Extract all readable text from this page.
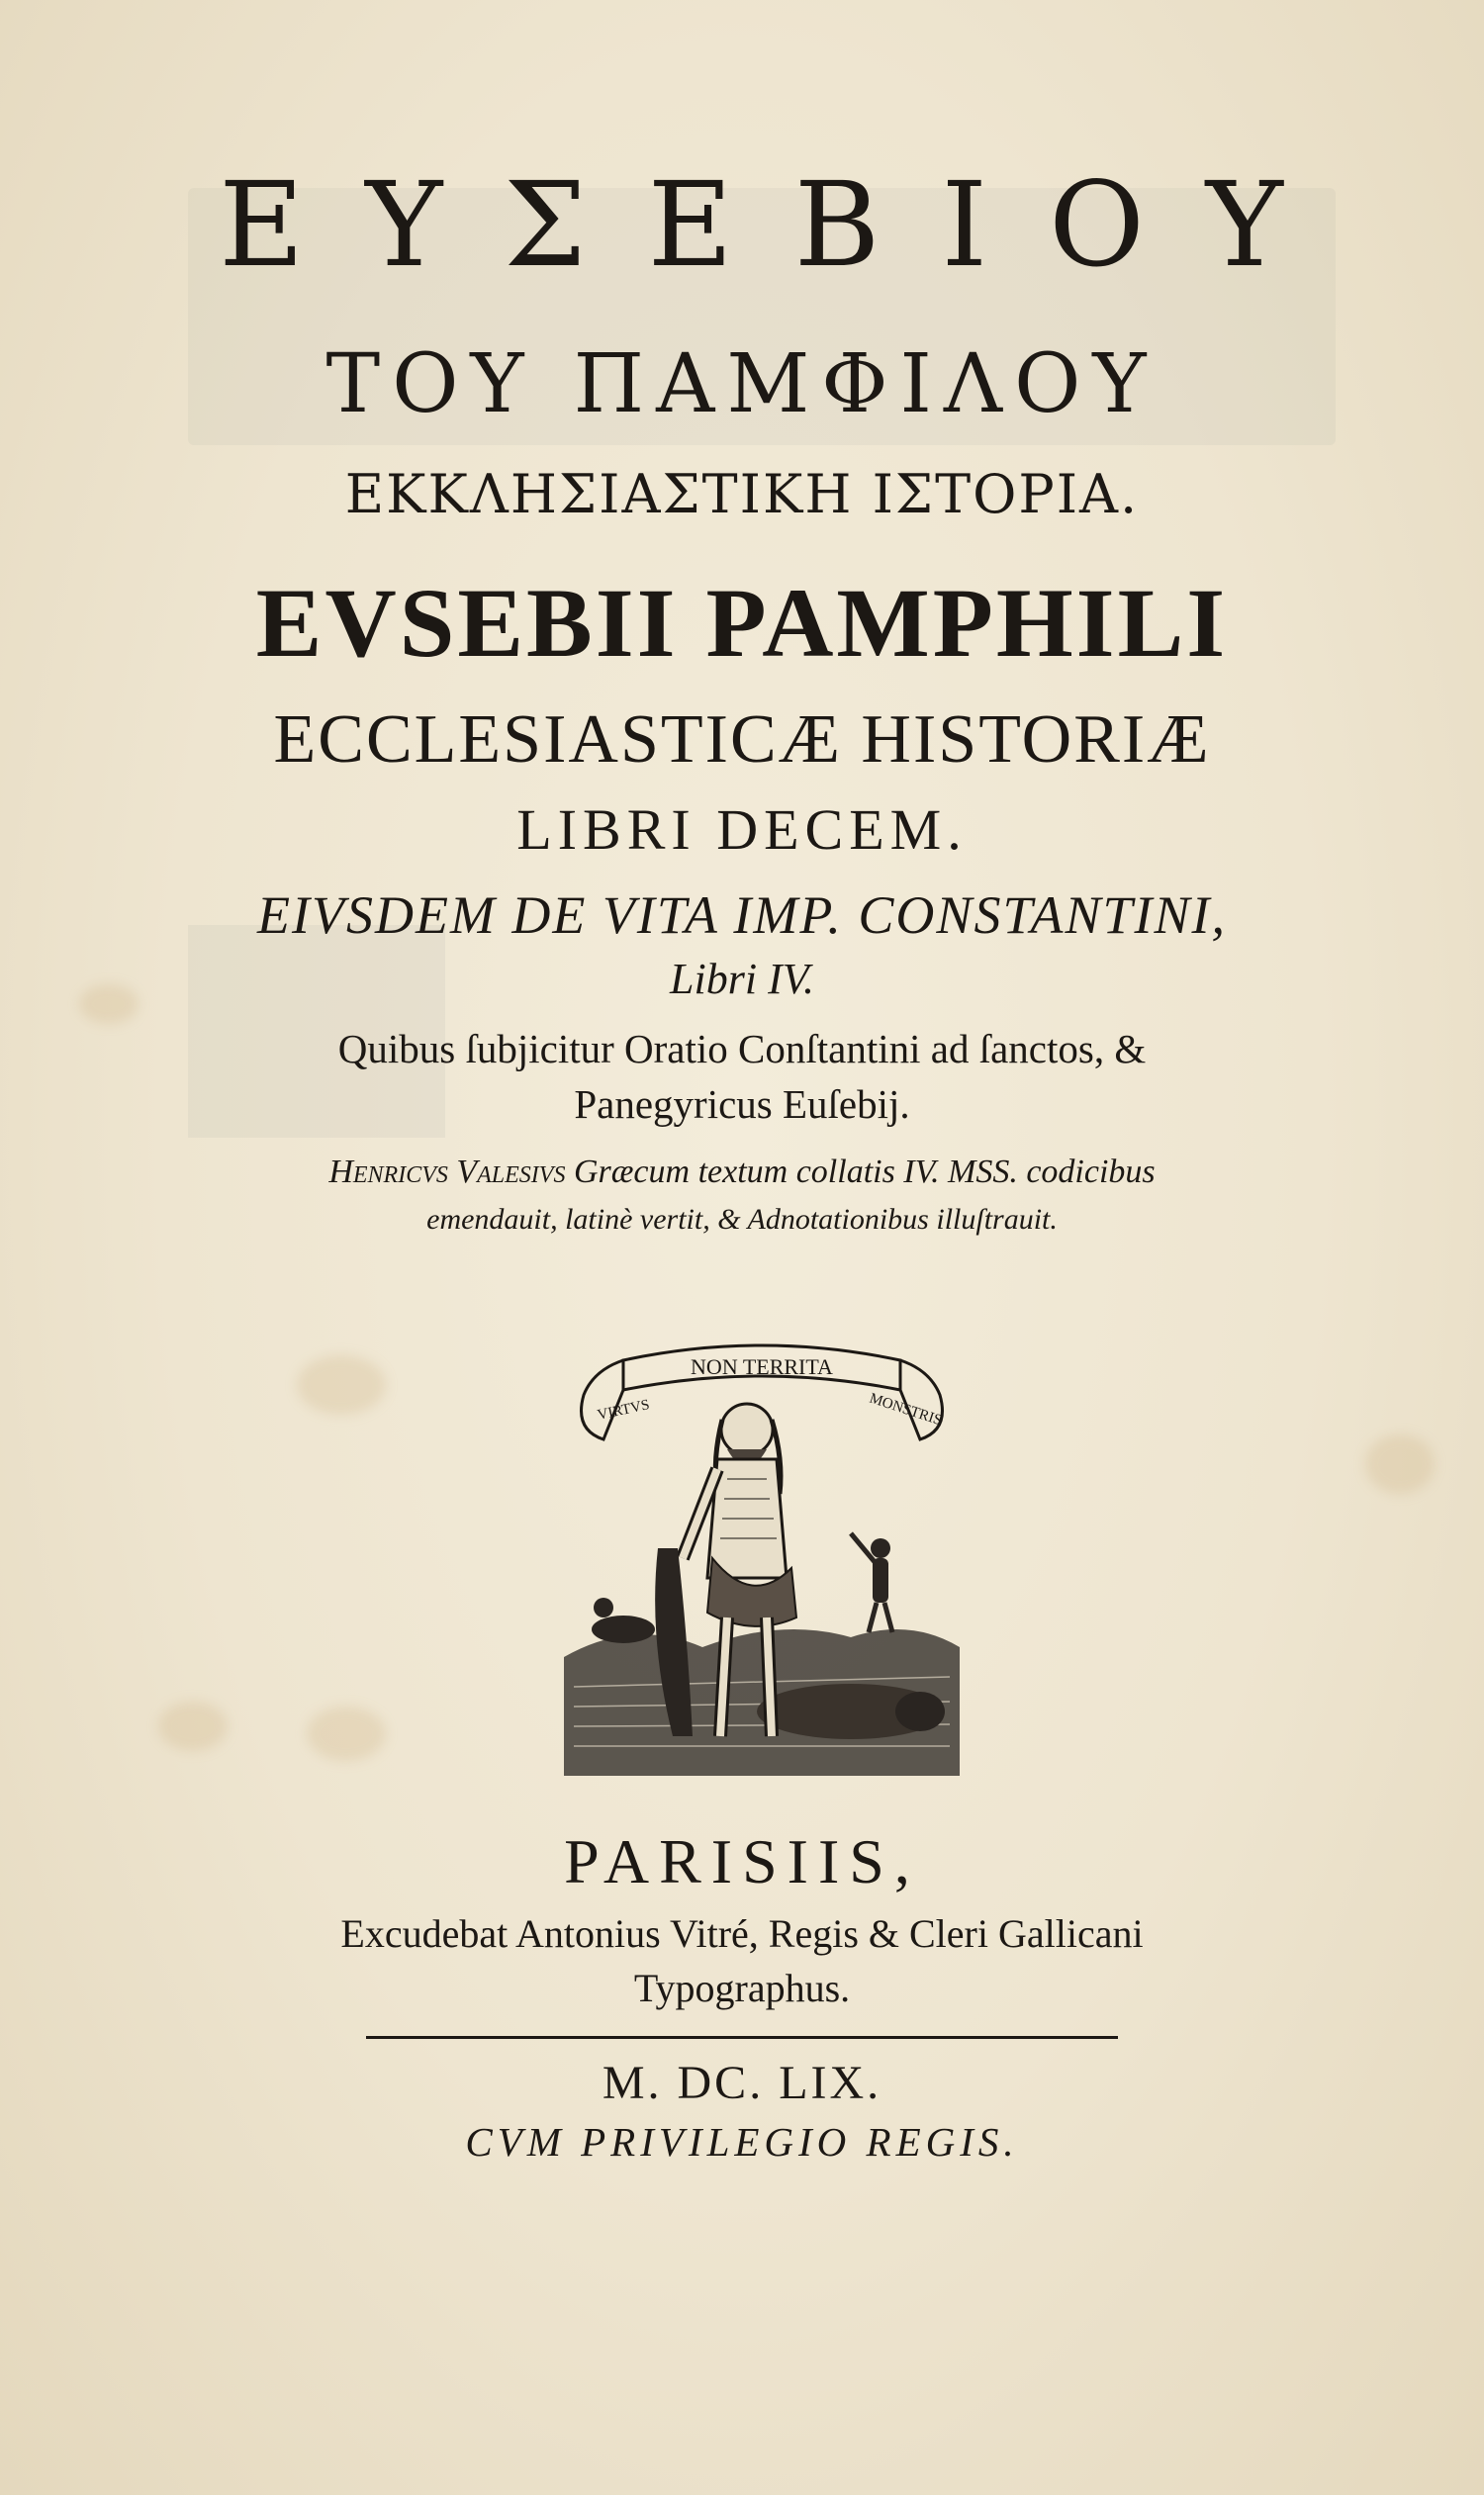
ΕΥΣΕΒΙΟΥ
ΤΟΥ ΠΑΜΦΙΛΟΥ
ΕΚΚΛΗΣΙΑΣΤΙΚΗ ΙΣΤΟΡΙΑ.
EVSEBII PAMPHILI
ECCLESIASTICÆ HISTORIÆ
LIBRI DECEM.
EIVSDEM DE VITA IMP. CONSTANTINI,
Libri IV.
Quibus ſubjicitur Oratio Conſtantini ad ſanctos, &
Panegyricus Euſebij.
Henricvs Valesivs Græcum textum collatis IV. MSS. codicibus
emendauit, latinè vertit, & Adnotationibus illuſtrauit.
NON TERRITA
VIRTVS	MONSTRIS
PARISIIS,
Excudebat Antonius Vitré, Regis & Cleri Gallicani
Typographus.
M. DC. LIX.
CVM PRIVILEGIO REGIS.
